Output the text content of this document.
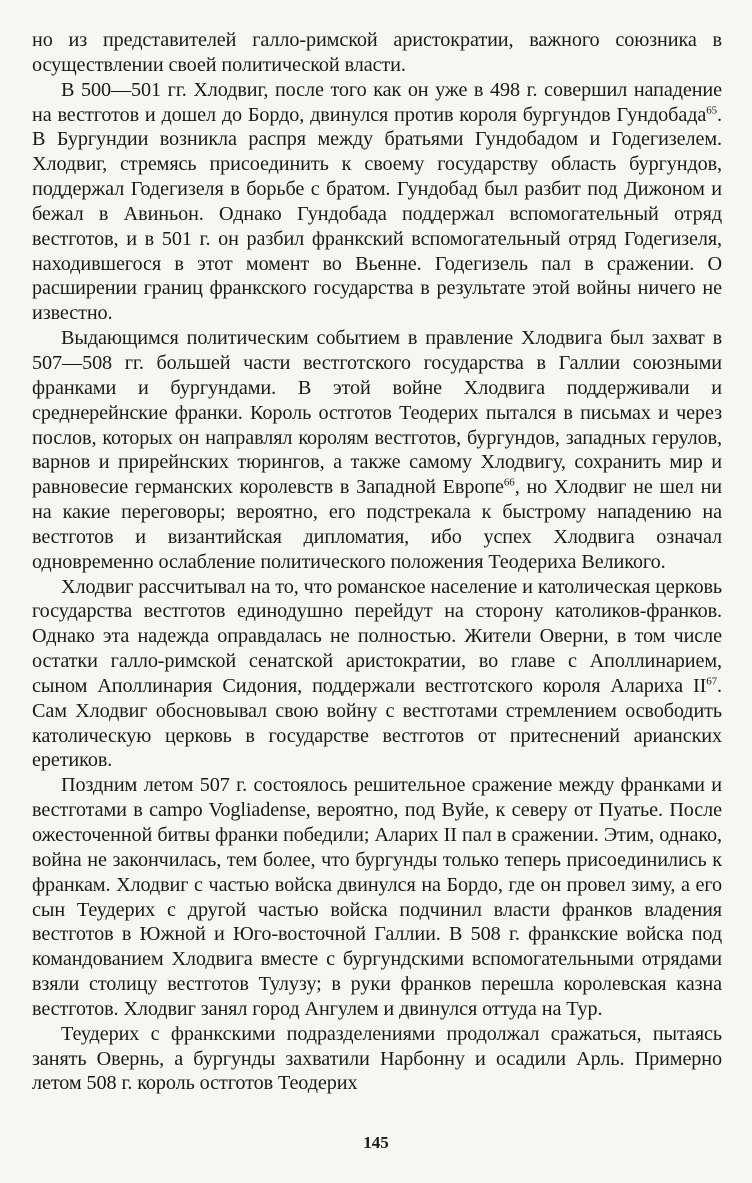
но из представителей галло-римской аристократии, важного союзника в осуществлении своей политической власти.

В 500—501 гг. Хлодвиг, после того как он уже в 498 г. совершил нападение на вестготов и дошел до Бордо, двинулся против короля бургундов Гундобада$^{65}$. В Бургундии возникла распря между братьями Гундобадом и Годегизелем. Хлодвиг, стремясь присоединить к своему государству область бургундов, поддержал Годегизеля в борьбе с братом. Гундобад был разбит под Дижоном и бежал в Авиньон. Однако Гундобада поддержал вспомогательный отряд вестготов, и в 501 г. он разбил франкский вспомогательный отряд Годегизеля, находившегося в этот момент во Вьенне. Годегизель пал в сражении. О расширении границ франкского государства в результате этой войны ничего не известно.

Выдающимся политическим событием в правление Хлодвига был захват в 507—508 гг. большей части вестготского государства в Галлии союзными франками и бургундами. В этой войне Хлодвига поддерживали и среднерейнские франки. Король остготов Теодерих пытался в письмах и через послов, которых он направлял королям вестготов, бургундов, западных герулов, варнов и прирейнских тюрингов, а также самому Хлодвигу, сохранить мир и равновесие германских королевств в Западной Европе$^{66}$, но Хлодвиг не шел ни на какие переговоры; вероятно, его подстрекала к быстрому нападению на вестготов и византийская дипломатия, ибо успех Хлодвига означал одновременно ослабление политического положения Теодериха Великого.

Хлодвиг рассчитывал на то, что романское население и католическая церковь государства вестготов единодушно перейдут на сторону католиков-франков. Однако эта надежда оправдалась не полностью. Жители Оверни, в том числе остатки галло-римской сенатской аристократии, во главе с Аполлинарием, сыном Аполлинария Сидония, поддержали вестготского короля Алариха II$^{67}$. Сам Хлодвиг обосновывал свою войну с вестготами стремлением освободить католическую церковь в государстве вестготов от притеснений арианских еретиков.

Поздним летом 507 г. состоялось решительное сражение между франками и вестготами в campo Vogliadense, вероятно, под Вуйе, к северу от Пуатье. После ожесточенной битвы франки победили; Аларих II пал в сражении. Этим, однако, война не закончилась, тем более, что бургунды только теперь присоединились к франкам. Хлодвиг с частью войска двинулся на Бордо, где он провел зиму, а его сын Теудерих с другой частью войска подчинил власти франков владения вестготов в Южной и Юго-восточной Галлии. В 508 г. франкские войска под командованием Хлодвига вместе с бургундскими вспомогательными отрядами взяли столицу вестготов Тулузу; в руки франков перешла королевская казна вестготов. Хлодвиг занял город Ангулем и двинулся оттуда на Тур.

Теудерих с франкскими подразделениями продолжал сражаться, пытаясь занять Овернь, а бургунды захватили Нарбонну и осадили Арль. Примерно летом 508 г. король остготов Теодерих

145
